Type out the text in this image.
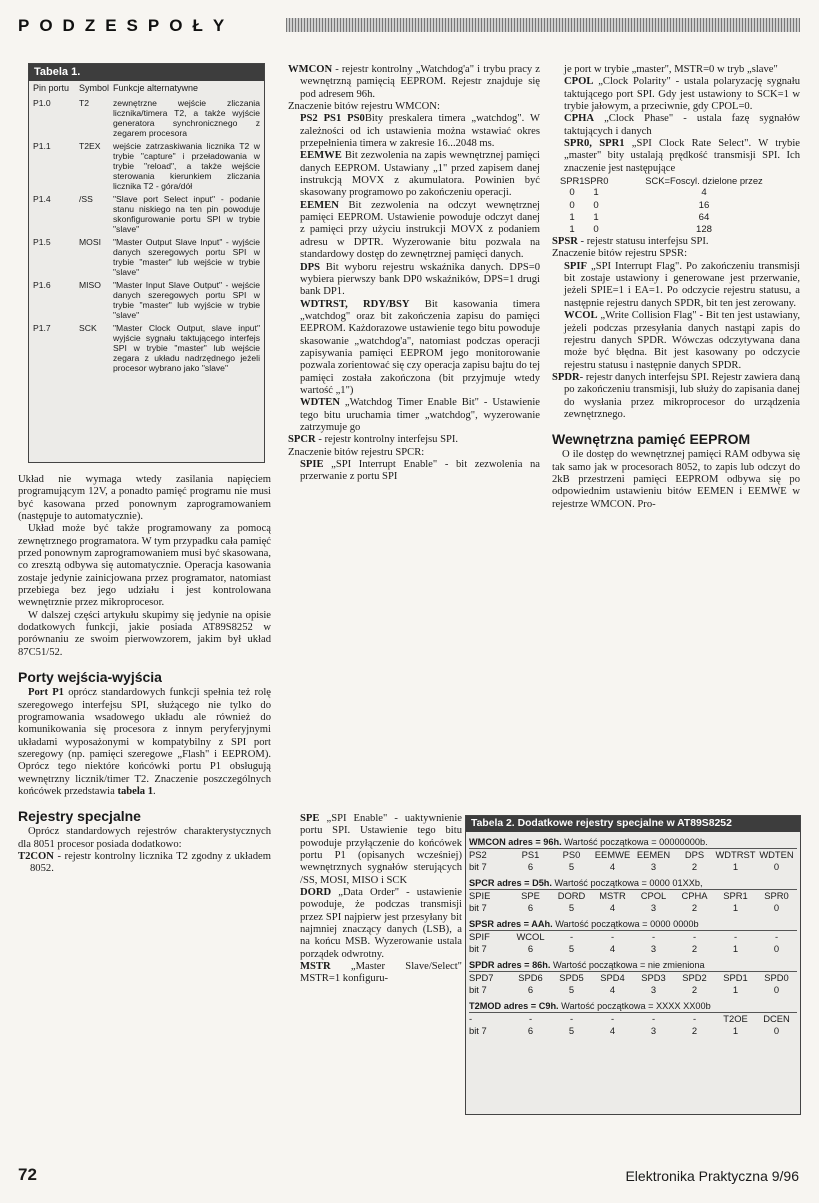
PODZESPOŁY
Tabela 1.
Pin portu	Symbol Funkcje alternatywne
P1.0	T2	zewnętrzne wejście zliczania licznika/timera T2, a także wyjście generatora synchronicznego z zegarem procesora
P1.1	T2EX	wejście zatrzaskiwania licznika T2 w trybie "capture" i przeładowania w trybie "reload", a także wejście sterowania kierunkiem zliczania licznika T2 - góra/dół
P1.4	/SS	"Slave port Select input" - podanie stanu niskiego na ten pin powoduje skonfigurowanie portu SPI w trybie "slave"
P1.5	MOSI	"Master Output Slave Input" - wyjście danych szeregowych portu SPI w trybie "master" lub wejście w trybie "slave"
P1.6	MISO	"Master Input Slave Output" - wejście danych szeregowych portu SPI w trybie "master" lub wyjście w trybie "slave"
P1.7	SCK	"Master Clock Output, slave input" wyjście sygnału taktującego interfejs SPI w trybie "master" lub wejście zegara z układu nadrzędnego jeżeli procesor wybrano jako "slave"

Układ nie wymaga wtedy zasilania napięciem programującym 12V, a ponadto pamięć programu nie musi być kasowana przed ponownym zaprogramowaniem (następuje to automatycznie).

Układ może być także programowany za pomocą zewnętrznego programatora. W tym przypadku cała pamięć przed ponownym zaprogramowaniem musi być skasowana, co zresztą odbywa się automatycznie. Operacja kasowania zostaje jedynie zainicjowana przez programator, natomiast przebiega bez jego udziału i jest kontrolowana wewnętrznie przez mikroprocesor.

W dalszej części artykułu skupimy się jedynie na opisie dodatkowych funkcji, jakie posiada AT89S8252 w porównaniu ze swoim pierwowzorem, jakim był układ 87C51/52.

Porty wejścia-wyjścia

Port P1 oprócz standardowych funkcji spełnia też rolę szeregowego interfejsu SPI, służącego nie tylko do programowania wsadowego układu ale również do komunikowania się procesora z innym peryferyjnymi układami wyposażonymi w kompatybilny z SPI port szeregowy (np. pamięci szeregowe „Flash" i EEPROM). Oprócz tego niektóre końcówki portu P1 obsługują wewnętrzny licznik/timer T2. Znaczenie poszczególnych końcówek przedstawia tabela 1.

Rejestry specjalne

Oprócz standardowych rejestrów charakterystycznych dla 8051 procesor posiada dodatkowo:

T2CON - rejestr kontrolny licznika T2 zgodny z układem 8052.

WMCON - rejestr kontrolny „Watchdog'a" i trybu pracy z wewnętrzną pamięcią EEPROM. Rejestr znajduje się pod adresem 96h.

Znaczenie bitów rejestru WMCON:

PS2 PS1 PS0Bity preskalera timera „watchdog". W zależności od ich ustawienia można wstawiać okres przepełnienia timera w zakresie 16...2048 ms.

EEMWE Bit zezwolenia na zapis wewnętrznej pamięci danych EEPROM. Ustawiany „1" przed zapisem danej instrukcją MOVX z akumulatora. Powinien być skasowany programowo po zakończeniu operacji.

EEMEN Bit zezwolenia na odczyt wewnętrznej pamięci EEPROM. Ustawienie powoduje odczyt danej z pamięci przy użyciu instrukcji MOVX z podaniem adresu w DPTR. Wyzerowanie bitu pozwala na standardowy dostęp do zewnętrznej pamięci danych.

DPS Bit wyboru rejestru wskaźnika danych. DPS=0 wybiera pierwszy bank DP0 wskaźników, DPS=1 drugi bank DP1.

WDTRST, RDY/BSY Bit kasowania timera „watchdog" oraz bit zakończenia zapisu do pamięci EEPROM. Każdorazowe ustawienie tego bitu powoduje skasowanie „watchdog'a", natomiast podczas operacji zapisywania pamięci EEPROM jego monitorowanie pozwala zorientować się czy operacja zapisu bajtu do tej pamięci została zakończona (bit przyjmuje wtedy wartość „1")

WDTEN „Watchdog Timer Enable Bit" - Ustawienie tego bitu uruchamia timer „watchdog", wyzerowanie zatrzymuje go

SPCR - rejestr kontrolny interfejsu SPI.

Znaczenie bitów rejestru SPCR:

SPIE „SPI Interrupt Enable" - bit zezwolenia na przerwanie z portu SPI

SPE „SPI Enable" - uaktywnienie portu SPI. Ustawienie tego bitu powoduje przyłączenie do końcówek portu P1 (opisanych wcześniej) wewnętrznych sygnałów sterujących /SS, MOSI, MISO i SCK

DORD „Data Order" - ustawienie powoduje, że podczas transmisji przez SPI najpierw jest przesyłany bit najmniej znaczący danych (LSB), a na końcu MSB. Wyzerowanie ustala porządek odwrotny.

MSTR „Master Slave/Select" MSTR=1 konfiguru-

je port w trybie „master", MSTR=0 w tryb „slave"

CPOL „Clock Polarity" - ustala polaryzację sygnału taktującego port SPI. Gdy jest ustawiony to SCK=1 w trybie jałowym, a przeciwnie, gdy CPOL=0.

CPHA „Clock Phase" - ustala fazę sygnałów taktujących i danych

SPR0, SPR1 „SPI Clock Rate Select". W trybie „master" bity ustalają prędkość transmisji SPI. Ich znaczenie jest następujące

SPR1 SPR0	SCK=Foscyl. dzielone przez
0	1	4
0	0	16
1	1	64
1	0	128

SPSR - rejestr statusu interfejsu SPI.

Znaczenie bitów rejestru SPSR:

SPIF „SPI Interrupt Flag". Po zakończeniu transmisji bit zostaje ustawiony i generowane jest przerwanie, jeżeli SPIE=1 i EA=1. Po odczycie rejestru statusu, a następnie rejestru danych SPDR, bit ten jest zerowany.

WCOL „Write Collision Flag" - Bit ten jest ustawiany, jeżeli podczas przesyłania danych nastąpi zapis do rejestru danych SPDR. Wówczas odczytywana dana może być błędna. Bit jest kasowany po odczycie rejestru statusu i następnie danych SPDR.

SPDR- rejestr danych interfejsu SPI. Rejestr zawiera daną po zakończeniu transmisji, lub służy do zapisania danej do wysłania przez mikroprocesor do urządzenia zewnętrznego.

Wewnętrzna pamięć EEPROM

O ile dostęp do wewnętrznej pamięci RAM odbywa się tak samo jak w procesorach 8052, to zapis lub odczyt do 2kB przestrzeni pamięci EEPROM odbywa się po odpowiednim ustawieniu bitów EEMEN i EEMWE w rejestrze WMCON. Pro-

Tabela 2. Dodatkowe rejestry specjalne w AT89S8252
WMCON adres = 96h. Wartość początkowa = 00000000b.
PS2	PS1	PS0	EEMWE EEMEN	DPS	WDTRST WDTEN
bit 7	6	5	4	3	2	1	0
SPCR adres = D5h. Wartość początkowa = 0000 01XXb,
SPIE	SPE	DORD	MSTR	CPOL	CPHA	SPR1	SPR0
bit 7	6	5	4	3	2	1	0
SPSR adres = AAh. Wartość początkowa = 0000 0000b
SPIF	WCOL	-	-	-	-	-	-
bit 7	6	5	4	3	2	1	0
SPDR adres = 86h. Wartość początkowa = nie zmieniona
SPD7	SPD6	SPD5	SPD4	SPD3	SPD2	SPD1	SPD0
bit 7	6	5	4	3	2	1	0
T2MOD adres = C9h. Wartość początkowa = XXXX XX00b
-	-	-	-	-	-	T2OE	DCEN
bit 7	6	5	4	3	2	1	0
72	Elektronika Praktyczna 9/96
